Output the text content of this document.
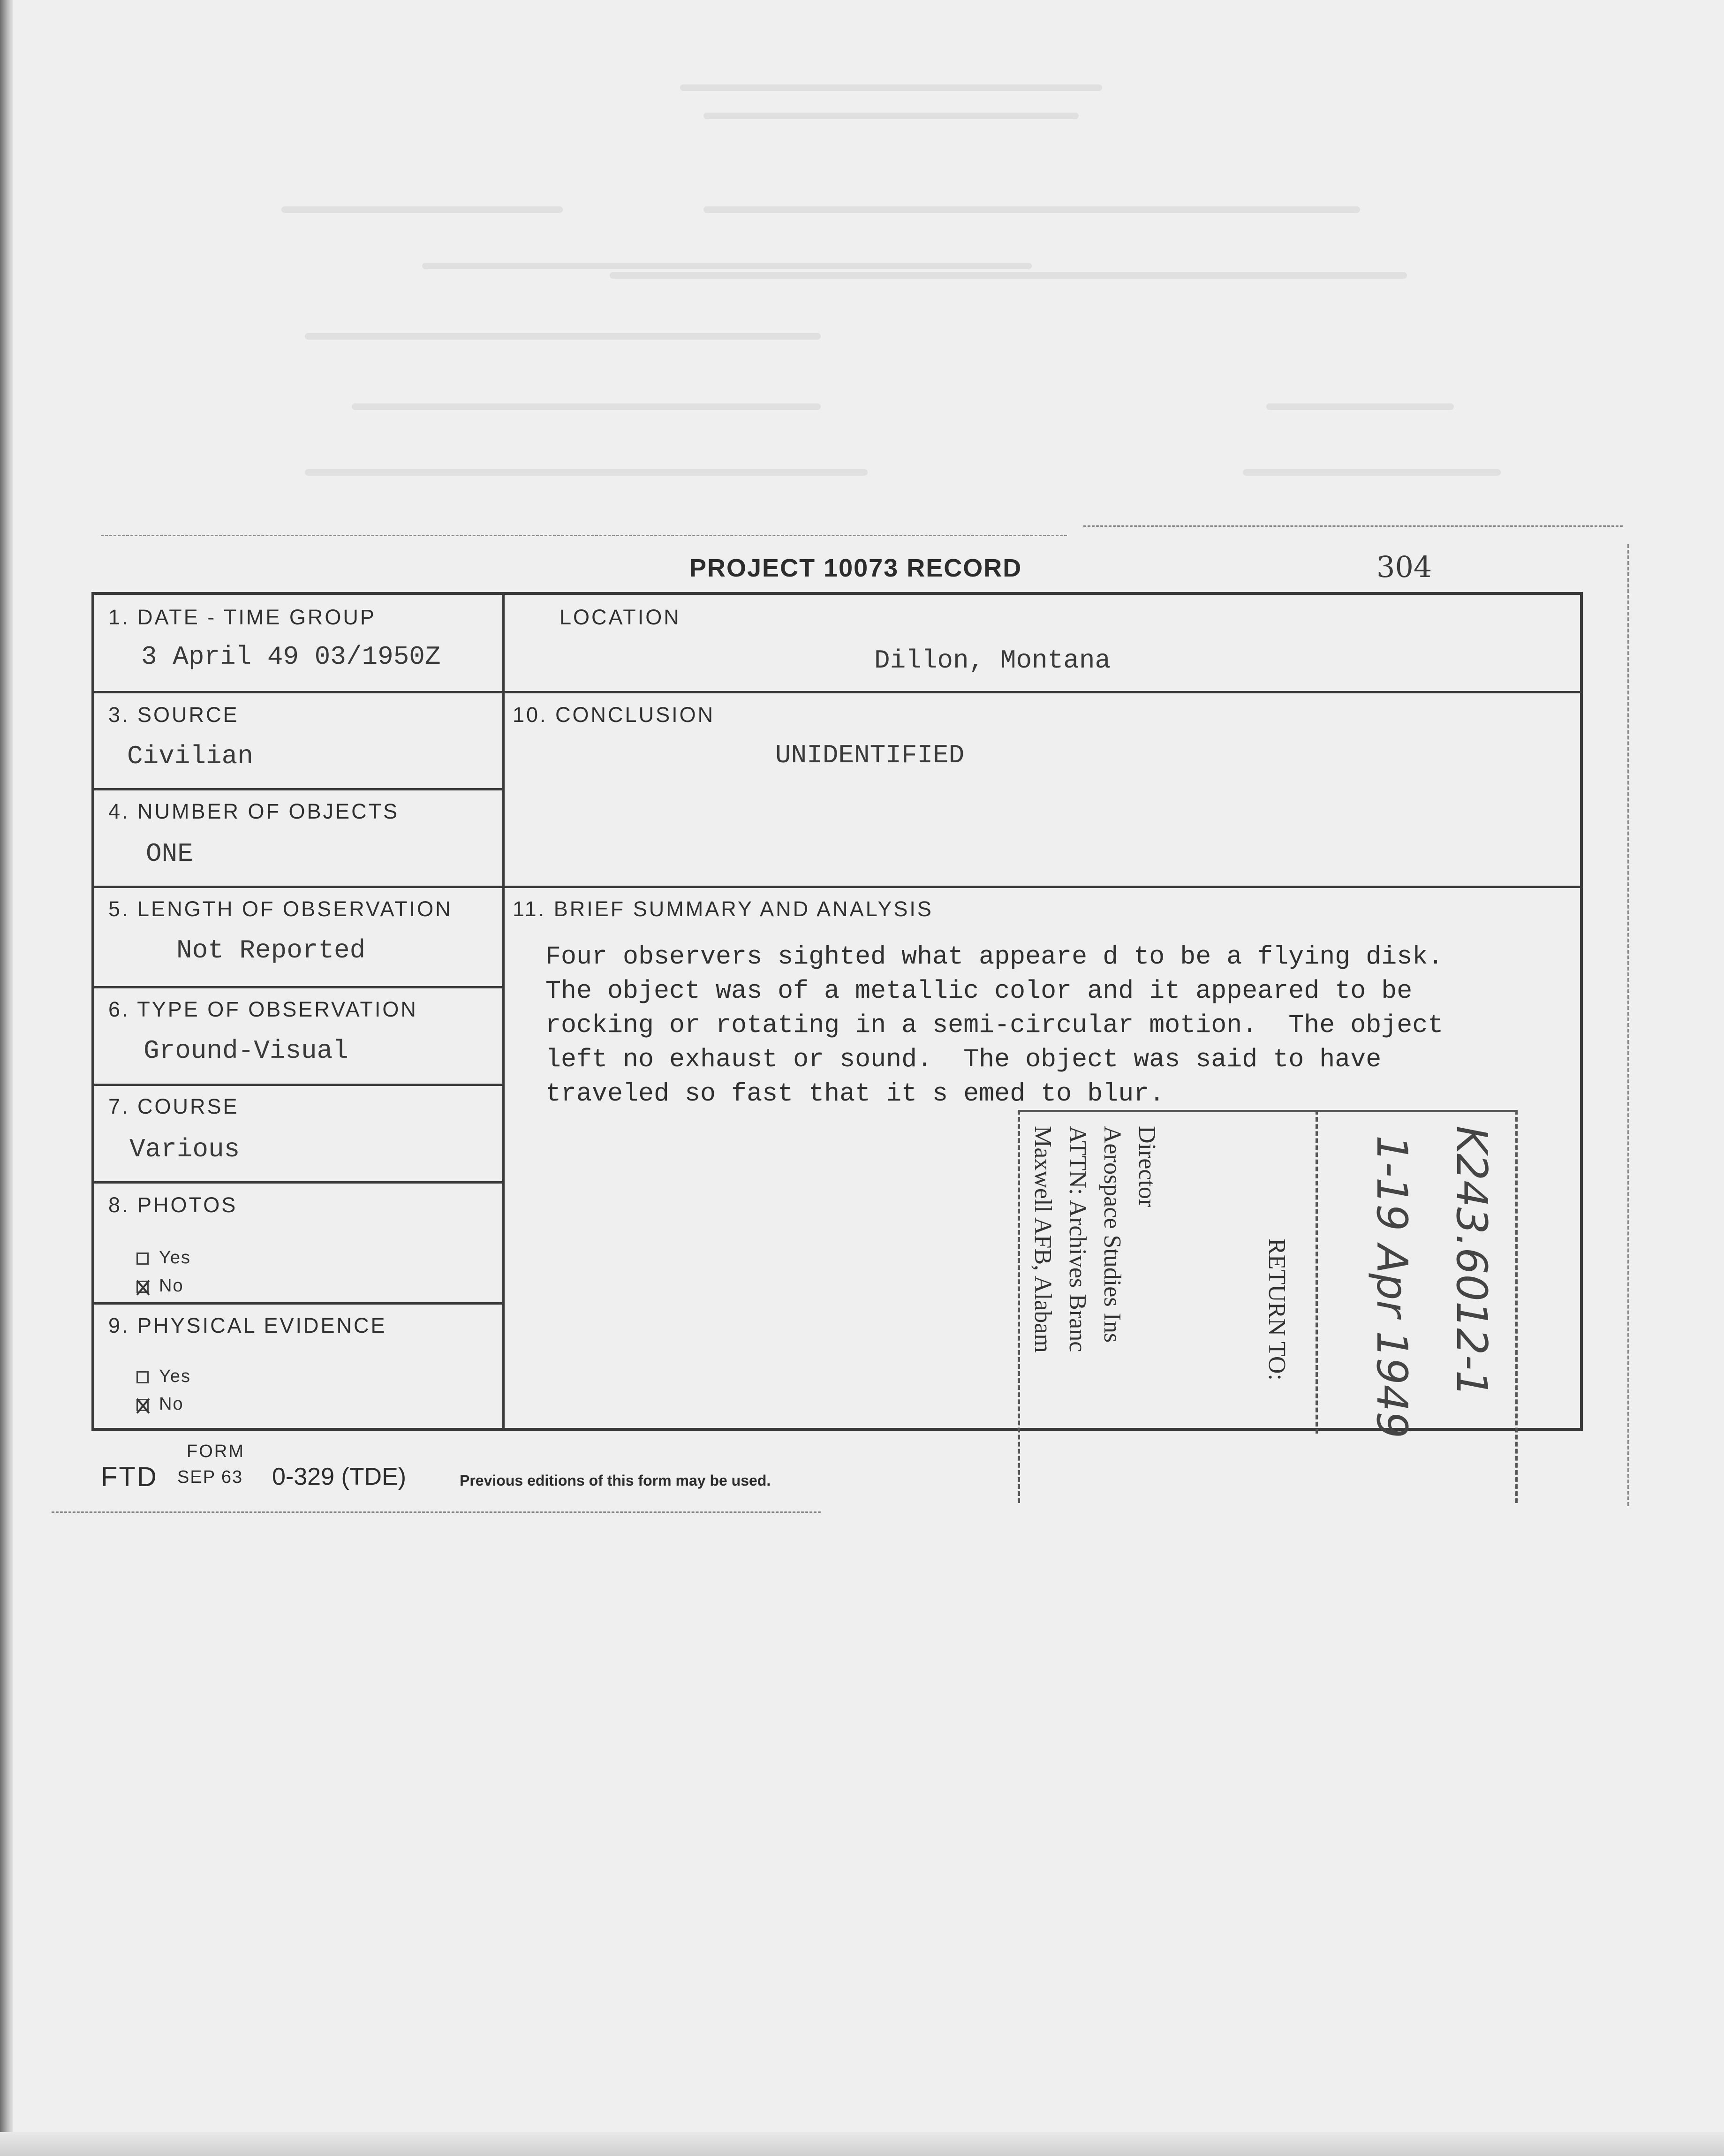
PROJECT 10073 RECORD	304
1. DATE - TIME GROUP
3 April 49 03/1950Z
LOCATION
Dillon, Montana
3. SOURCE
Civilian
10. CONCLUSION
UNIDENTIFIED
4. NUMBER OF OBJECTS
ONE
5. LENGTH OF OBSERVATION
Not Reported
11. BRIEF SUMMARY AND ANALYSIS
Four observers sighted what appeare d to be a flying disk.
The object was of a metallic color and it appeared to be
rocking or rotating in a semi-circular motion.  The object
left no exhaust or sound.  The object was said to have
traveled so fast that it s emed to blur.
6. TYPE OF OBSERVATION
Ground-Visual
7. COURSE
Various
8. PHOTOS
Yes
No
9. PHYSICAL EVIDENCE
Yes
No
FORM
FTD SEP 63 0-329 (TDE)	Previous editions of this form may be used.
Director
Aerospace Studies Ins
ATTN: Archives Branc
Maxwell AFB, Alabam	RETURN TO:	K243.6012-1
1-19 Apr 1949
